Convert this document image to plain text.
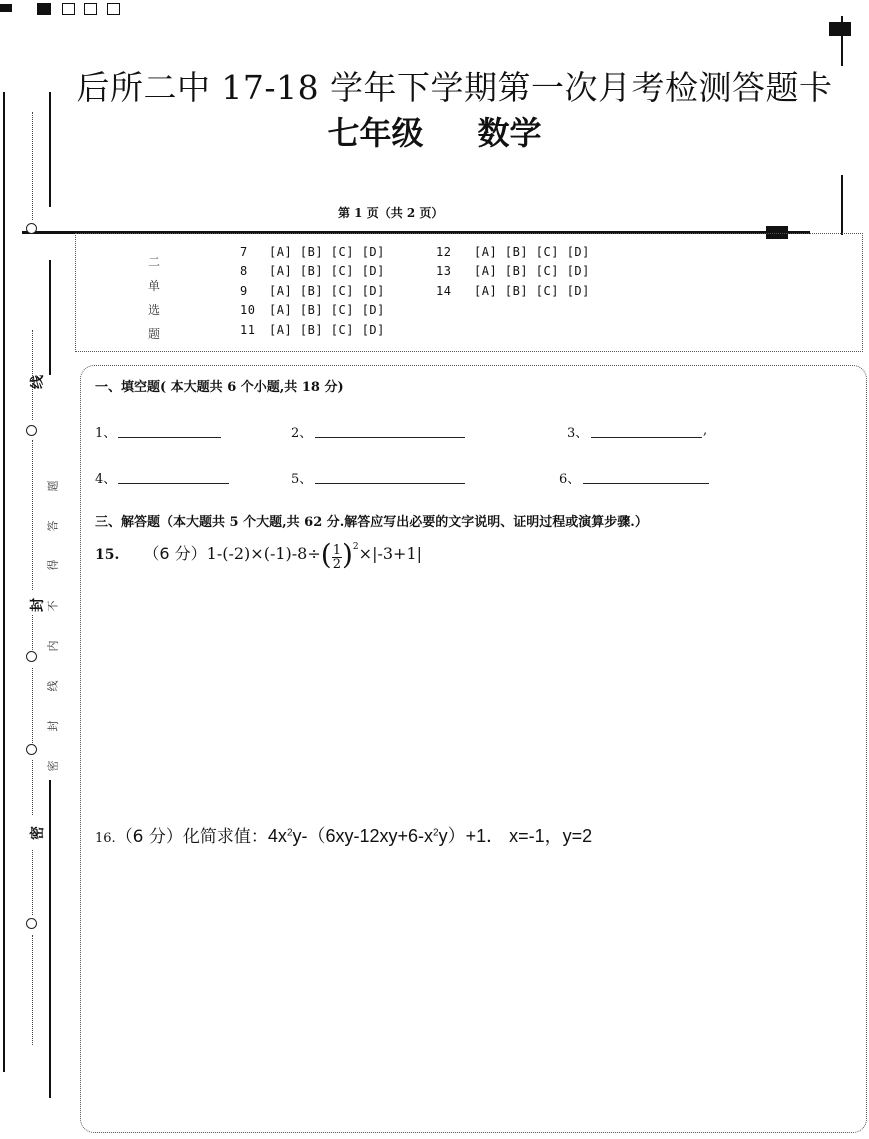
后所二中 17-18 学年下学期第一次月考检测答题卡
七年级 数学
第 1 页（共 2 页）
线
题
答
得
不
内
线
封
密
封
密
二
单
选
题
7 [A] [B] [C] [D]
8 [A] [B] [C] [D]
9 [A] [B] [C] [D]
10 [A] [B] [C] [D]
11 [A] [B] [C] [D]
12 [A] [B] [C] [D]
13 [A] [B] [C] [D]
14 [A] [B] [C] [D]
一、填空题( 本大题共 6 个小题,共 18 分)
1、	2、	3、	,
4、	5、	6、
三、解答题（本大题共 5 个大题,共 62 分.解答应写出必要的文字说明、证明过程或演算步骤.）
15. （6 分）$1-(-2)\times(-1)-8\div( \frac{1}{2} )^2\times|-3+1|$
16.（6 分）化简求值：$4x^2y-(6xy-12xy+6-x^2y)+1$． x=-1，y=2
